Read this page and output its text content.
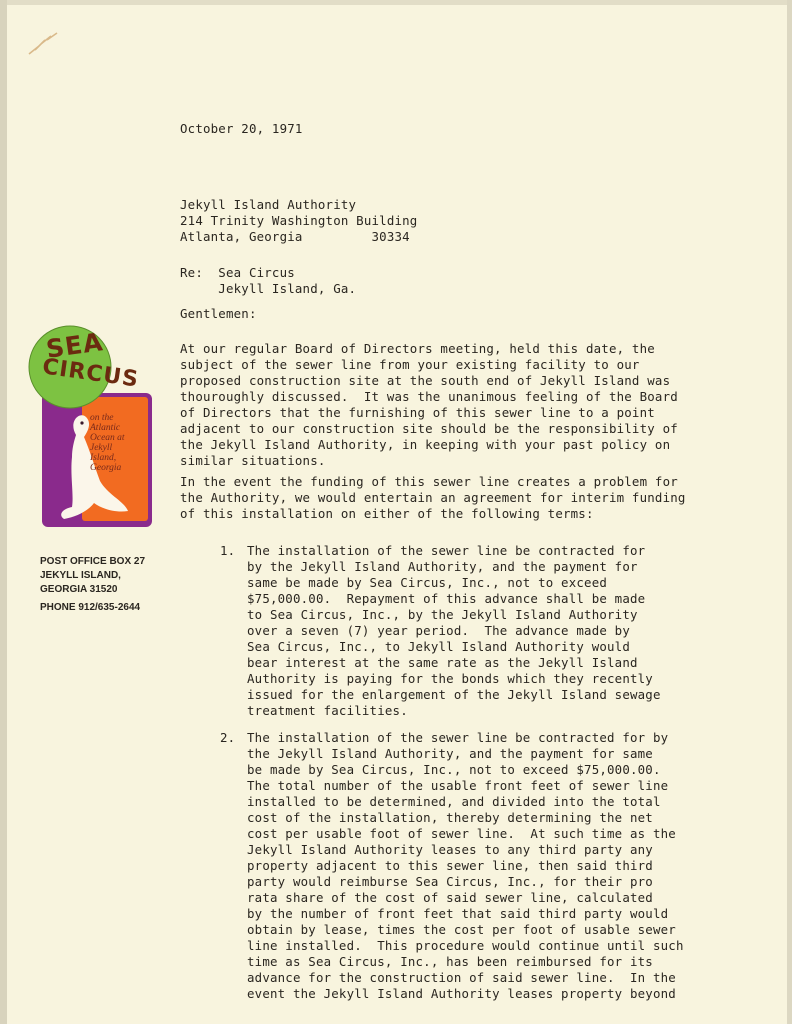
SEA
CIRCUS
on the
Atlantic
Ocean at
Jekyll
Island,
Georgia
POST OFFICE BOX 27
JEKYLL ISLAND,
GEORGIA 31520
PHONE 912/635-2644
October 20, 1971
Jekyll Island Authority
214 Trinity Washington Building
Atlanta, Georgia         30334
Re:  Sea Circus
Jekyll Island, Ga.
Gentlemen:
At our regular Board of Directors meeting, held this date, the
subject of the sewer line from your existing facility to our
proposed construction site at the south end of Jekyll Island was
thouroughly discussed.  It was the unanimous feeling of the Board
of Directors that the furnishing of this sewer line to a point
adjacent to our construction site should be the responsibility of
the Jekyll Island Authority, in keeping with your past policy on
similar situations.
In the event the funding of this sewer line creates a problem for
the Authority, we would entertain an agreement for interim funding
of this installation on either of the following terms:
1. The installation of the sewer line be contracted for
by the Jekyll Island Authority, and the payment for
same be made by Sea Circus, Inc., not to exceed
$75,000.00.  Repayment of this advance shall be made
to Sea Circus, Inc., by the Jekyll Island Authority
over a seven (7) year period.  The advance made by
Sea Circus, Inc., to Jekyll Island Authority would
bear interest at the same rate as the Jekyll Island
Authority is paying for the bonds which they recently
issued for the enlargement of the Jekyll Island sewage
treatment facilities.
2. The installation of the sewer line be contracted for by
the Jekyll Island Authority, and the payment for same
be made by Sea Circus, Inc., not to exceed $75,000.00.
The total number of the usable front feet of sewer line
installed to be determined, and divided into the total
cost of the installation, thereby determining the net
cost per usable foot of sewer line.  At such time as the
Jekyll Island Authority leases to any third party any
property adjacent to this sewer line, then said third
party would reimburse Sea Circus, Inc., for their pro
rata share of the cost of said sewer line, calculated
by the number of front feet that said third party would
obtain by lease, times the cost per foot of usable sewer
line installed.  This procedure would continue until such
time as Sea Circus, Inc., has been reimbursed for its
advance for the construction of said sewer line.  In the
event the Jekyll Island Authority leases property beyond
